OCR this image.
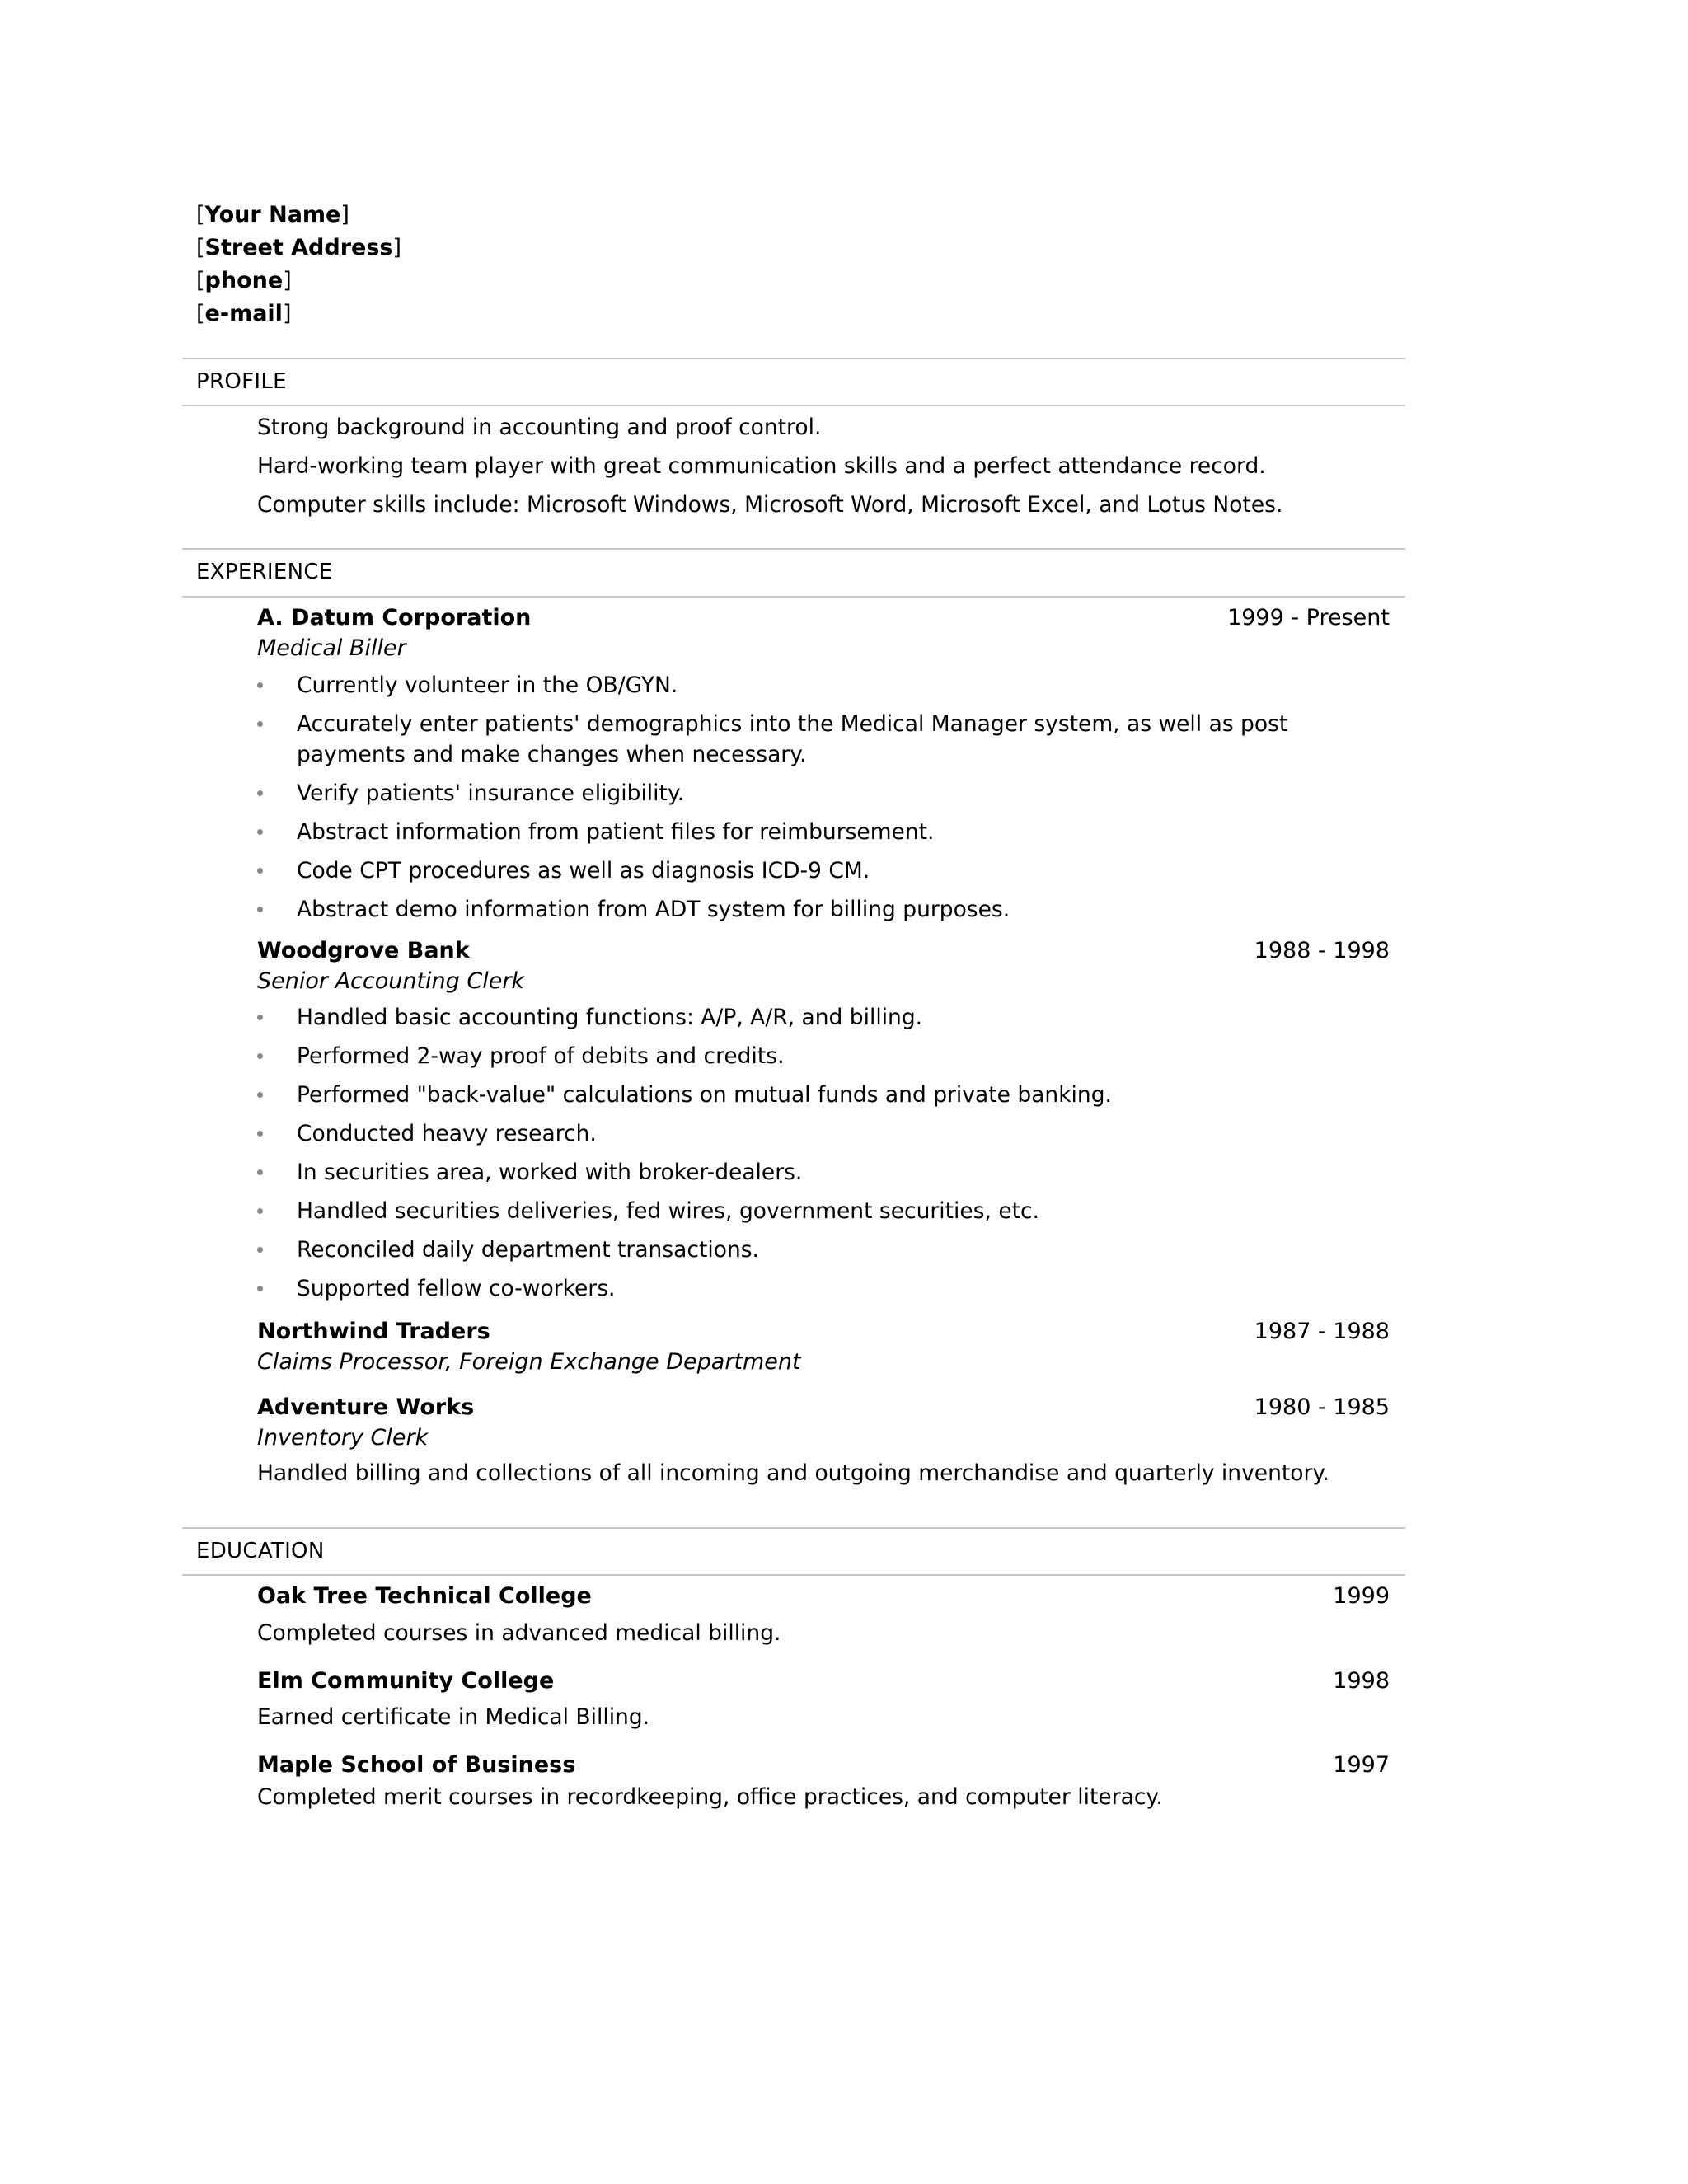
[Your Name]
[Street Address]
[phone]
[e-mail]
PROFILE
Strong background in accounting and proof control.
Hard-working team player with great communication skills and a perfect attendance record.
Computer skills include: Microsoft Windows, Microsoft Word, Microsoft Excel, and Lotus Notes.
EXPERIENCE
A. Datum Corporation	1999 - Present
Medical Biller
Currently volunteer in the OB/GYN.
Accurately enter patients' demographics into the Medical Manager system, as well as post payments and make changes when necessary.
Verify patients' insurance eligibility.
Abstract information from patient files for reimbursement.
Code CPT procedures as well as diagnosis ICD-9 CM.
Abstract demo information from ADT system for billing purposes.
Woodgrove Bank	1988 - 1998
Senior Accounting Clerk
Handled basic accounting functions: A/P, A/R, and billing.
Performed 2-way proof of debits and credits.
Performed "back-value" calculations on mutual funds and private banking.
Conducted heavy research.
In securities area, worked with broker-dealers.
Handled securities deliveries, fed wires, government securities, etc.
Reconciled daily department transactions.
Supported fellow co-workers.
Northwind Traders	1987 - 1988
Claims Processor, Foreign Exchange Department
Adventure Works	1980 - 1985
Inventory Clerk
Handled billing and collections of all incoming and outgoing merchandise and quarterly inventory.
EDUCATION
Oak Tree Technical College	1999
Completed courses in advanced medical billing.
Elm Community College	1998
Earned certificate in Medical Billing.
Maple School of Business	1997
Completed merit courses in recordkeeping, office practices, and computer literacy.
